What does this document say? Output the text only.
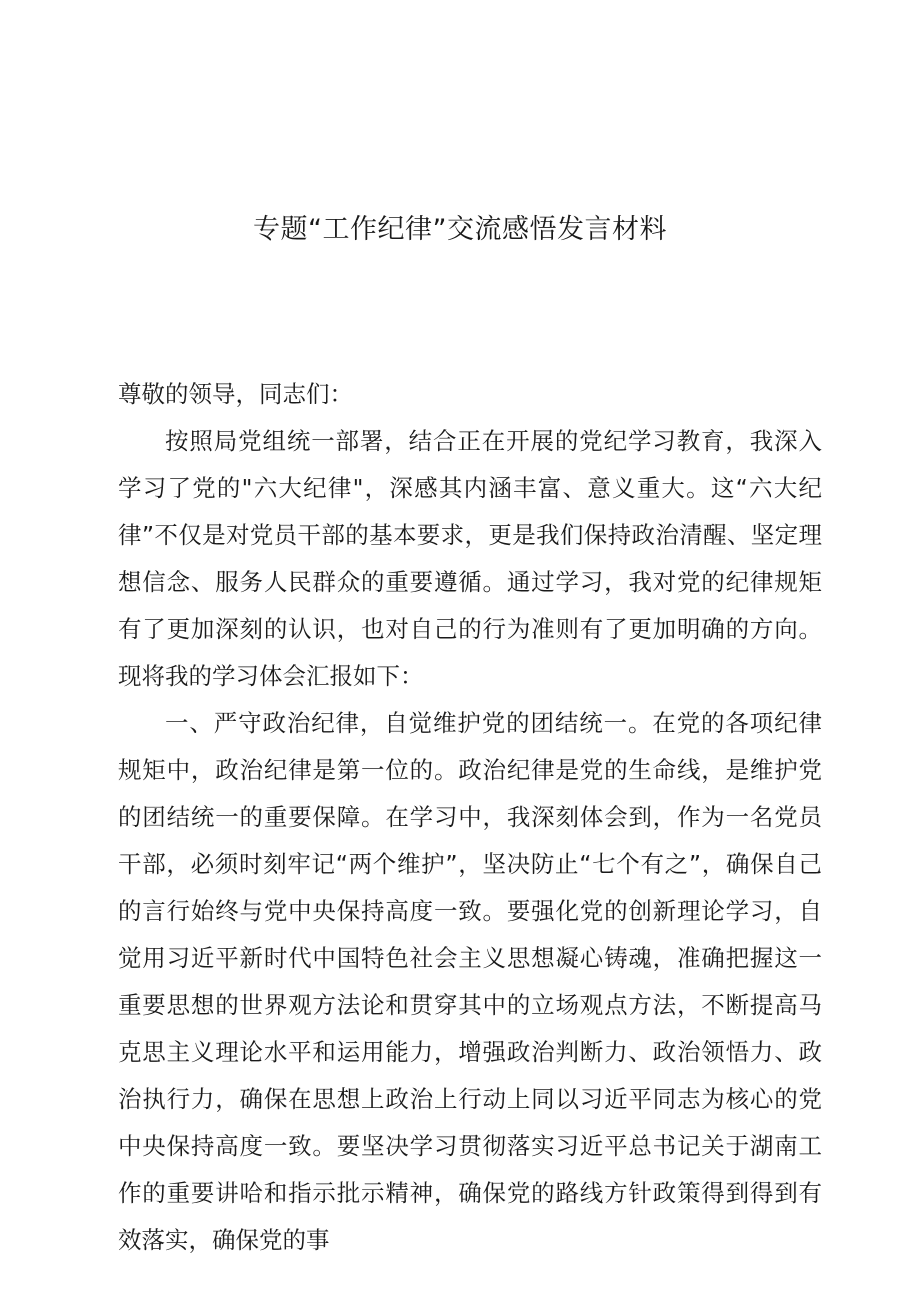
专题“工作纪律”交流感悟发言材料

尊敬的领导，同志们：

按照局党组统一部署，结合正在开展的党纪学习教育，我深入学习了党的"六大纪律"，深感其内涵丰富、意义重大。这“六大纪律”不仅是对党员干部的基本要求，更是我们保持政治清醒、坚定理想信念、服务人民群众的重要遵循。通过学习，我对党的纪律规矩有了更加深刻的认识，也对自己的行为准则有了更加明确的方向。现将我的学习体会汇报如下：

一、严守政治纪律，自觉维护党的团结统一。在党的各项纪律规矩中，政治纪律是第一位的。政治纪律是党的生命线，是维护党的团结统一的重要保障。在学习中，我深刻体会到，作为一名党员干部，必须时刻牢记“两个维护”，坚决防止“七个有之”，确保自己的言行始终与党中央保持高度一致。要强化党的创新理论学习，自觉用习近平新时代中国特色社会主义思想凝心铸魂，准确把握这一重要思想的世界观方法论和贯穿其中的立场观点方法，不断提高马克思主义理论水平和运用能力，增强政治判断力、政治领悟力、政治执行力，确保在思想上政治上行动上同以习近平同志为核心的党中央保持高度一致。要坚决学习贯彻落实习近平总书记关于湖南工作的重要讲哈和指示批示精神，确保党的路线方针政策得到得到有效落实，确保党的事
